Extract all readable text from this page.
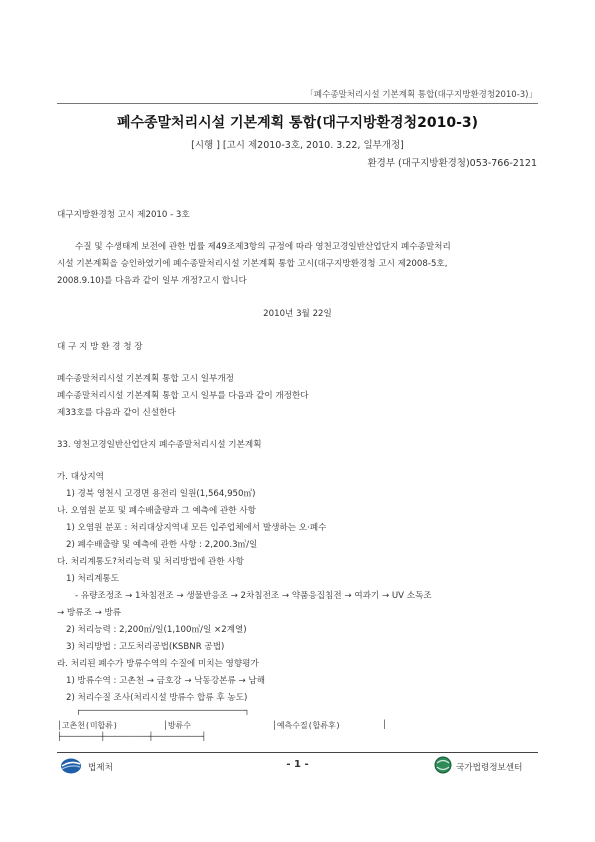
「폐수종말처리시설 기본계획 통합(대구지방환경청2010-3)」
폐수종말처리시설 기본계획 통합(대구지방환경청2010-3)
[시행 ] [고시 제2010-3호, 2010. 3.22, 일부개정]
환경부 (대구지방환경청)053-766-2121
대구지방환경청 고시 제2010 - 3호
수질 및 수생태계 보전에 관한 법률 제49조제3항의 규정에 따라 영천고경일반산업단지 폐수종말처리
시설 기본계획을 승인하였기에 폐수종말처리시설 기본계획 통합 고시(대구지방환경청 고시 제2008-5호,
2008.9.10)를 다음과 같이 일부 개정?고시 합니다
2010년 3월 22일
대 구 지 방 환 경 청 장
폐수종말처리시설 기본계획 통합 고시 일부개정
폐수종말처리시설 기본계획 통합 고시 일부를 다음과 같이 개정한다
제33호를 다음과 같이 신설한다
33. 영천고경일반산업단지 폐수종말처리시설 기본계획
가. 대상지역
1) 경북 영천시 고경면 용전리 일원(1,564,950㎡)
나. 오염원 분포 및 폐수배출량과 그 예측에 관한 사항
1) 오염원 분포 : 처리대상지역내 모든 입주업체에서 발생하는 오·폐수
2) 폐수배출량 및 예측에 관한 사항 : 2,200.3㎥/일
다. 처리계통도?처리능력 및 처리방법에 관한 사항
1) 처리계통도
- 유량조정조 → 1차침전조 → 생물반응조 → 2차침전조 → 약품응집침전 → 여과기 → UV 소독조
→ 방류조 → 방류
2) 처리능력 : 2,200㎥/일(1,100㎥/일 ×2계열)
3) 처리방법 : 고도처리공법(KSBNR 공법)
라. 처리된 폐수가 방류수역의 수질에 미치는 영향평가
1) 방류수역 : 고촌천 → 금호강 → 낙동강본류 → 남해
2) 처리수질 조사(처리시설 방류수 합류 후 농도)
┌──────────────────────────────────┐
│고촌천(미합류)	│방류수	│예측수질(합류후)	│
├────────┼─────────┼──────────┤
법제처	- 1 -	국가법령정보센터
